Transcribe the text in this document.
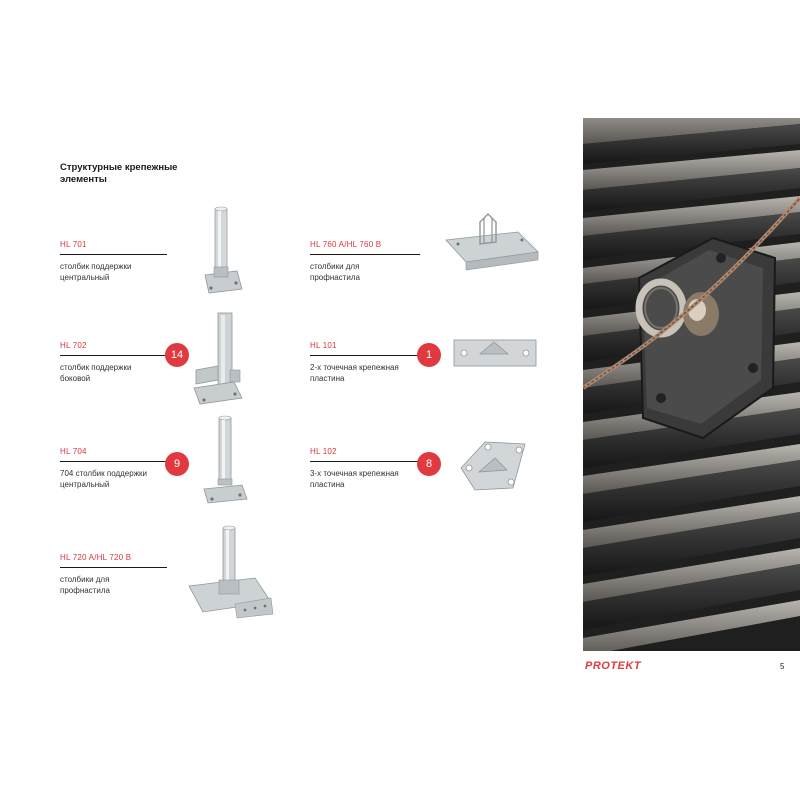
Структурные крепежные элементы
HL 701
столбик поддержки
центральный
HL 702
столбик поддержки
боковой
14
HL 704
704 столбик поддержки
центральный
9
HL 720 A/HL 720 B
столбики для
профнастила
HL 760 A/HL 760 B
столбики для
профнастила
HL 101
2-х точечная крепежная
пластина
1
HL 102
3-х точечная крепежная
пластина
8
PROTEKT	5
